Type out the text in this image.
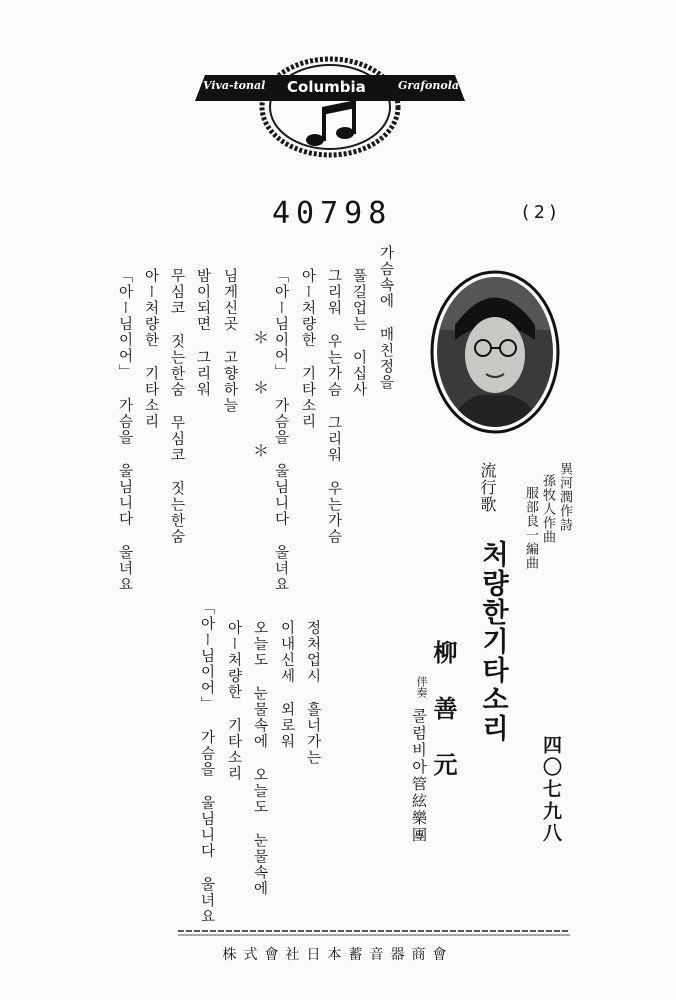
Viva-tonal Columbia	Grafonola
40798	(2)
流行歌
처량한기타소리
柳　善　元
異河潤作詩
孫牧人作曲
服部良一編曲
伴奏
콜럼비아管絃樂團	四〇七九八
가슴속에 매친정을
풀길업는 이십사
그리워 우는가슴 그리워 우는가슴
아ー처량한 기타소리
「아ー님이어」 가슴을 울님니다 울녀요
＊
＊
＊
님게신곳 고향하늘
밤이되면 그리워
무심코 짓는한숨 무심코 짓는한숨
아ー처량한 기타소리
「아ー님이어」 가슴을 울님니다 울녀요
정처업시 흘너가는
이내신세 외로워
오늘도 눈물속에 오늘도 눈물속에
아ー처량한 기타소리
「아ー님이어」 가슴을 울님니다 울녀요
株式會社日本蓄音器商會
